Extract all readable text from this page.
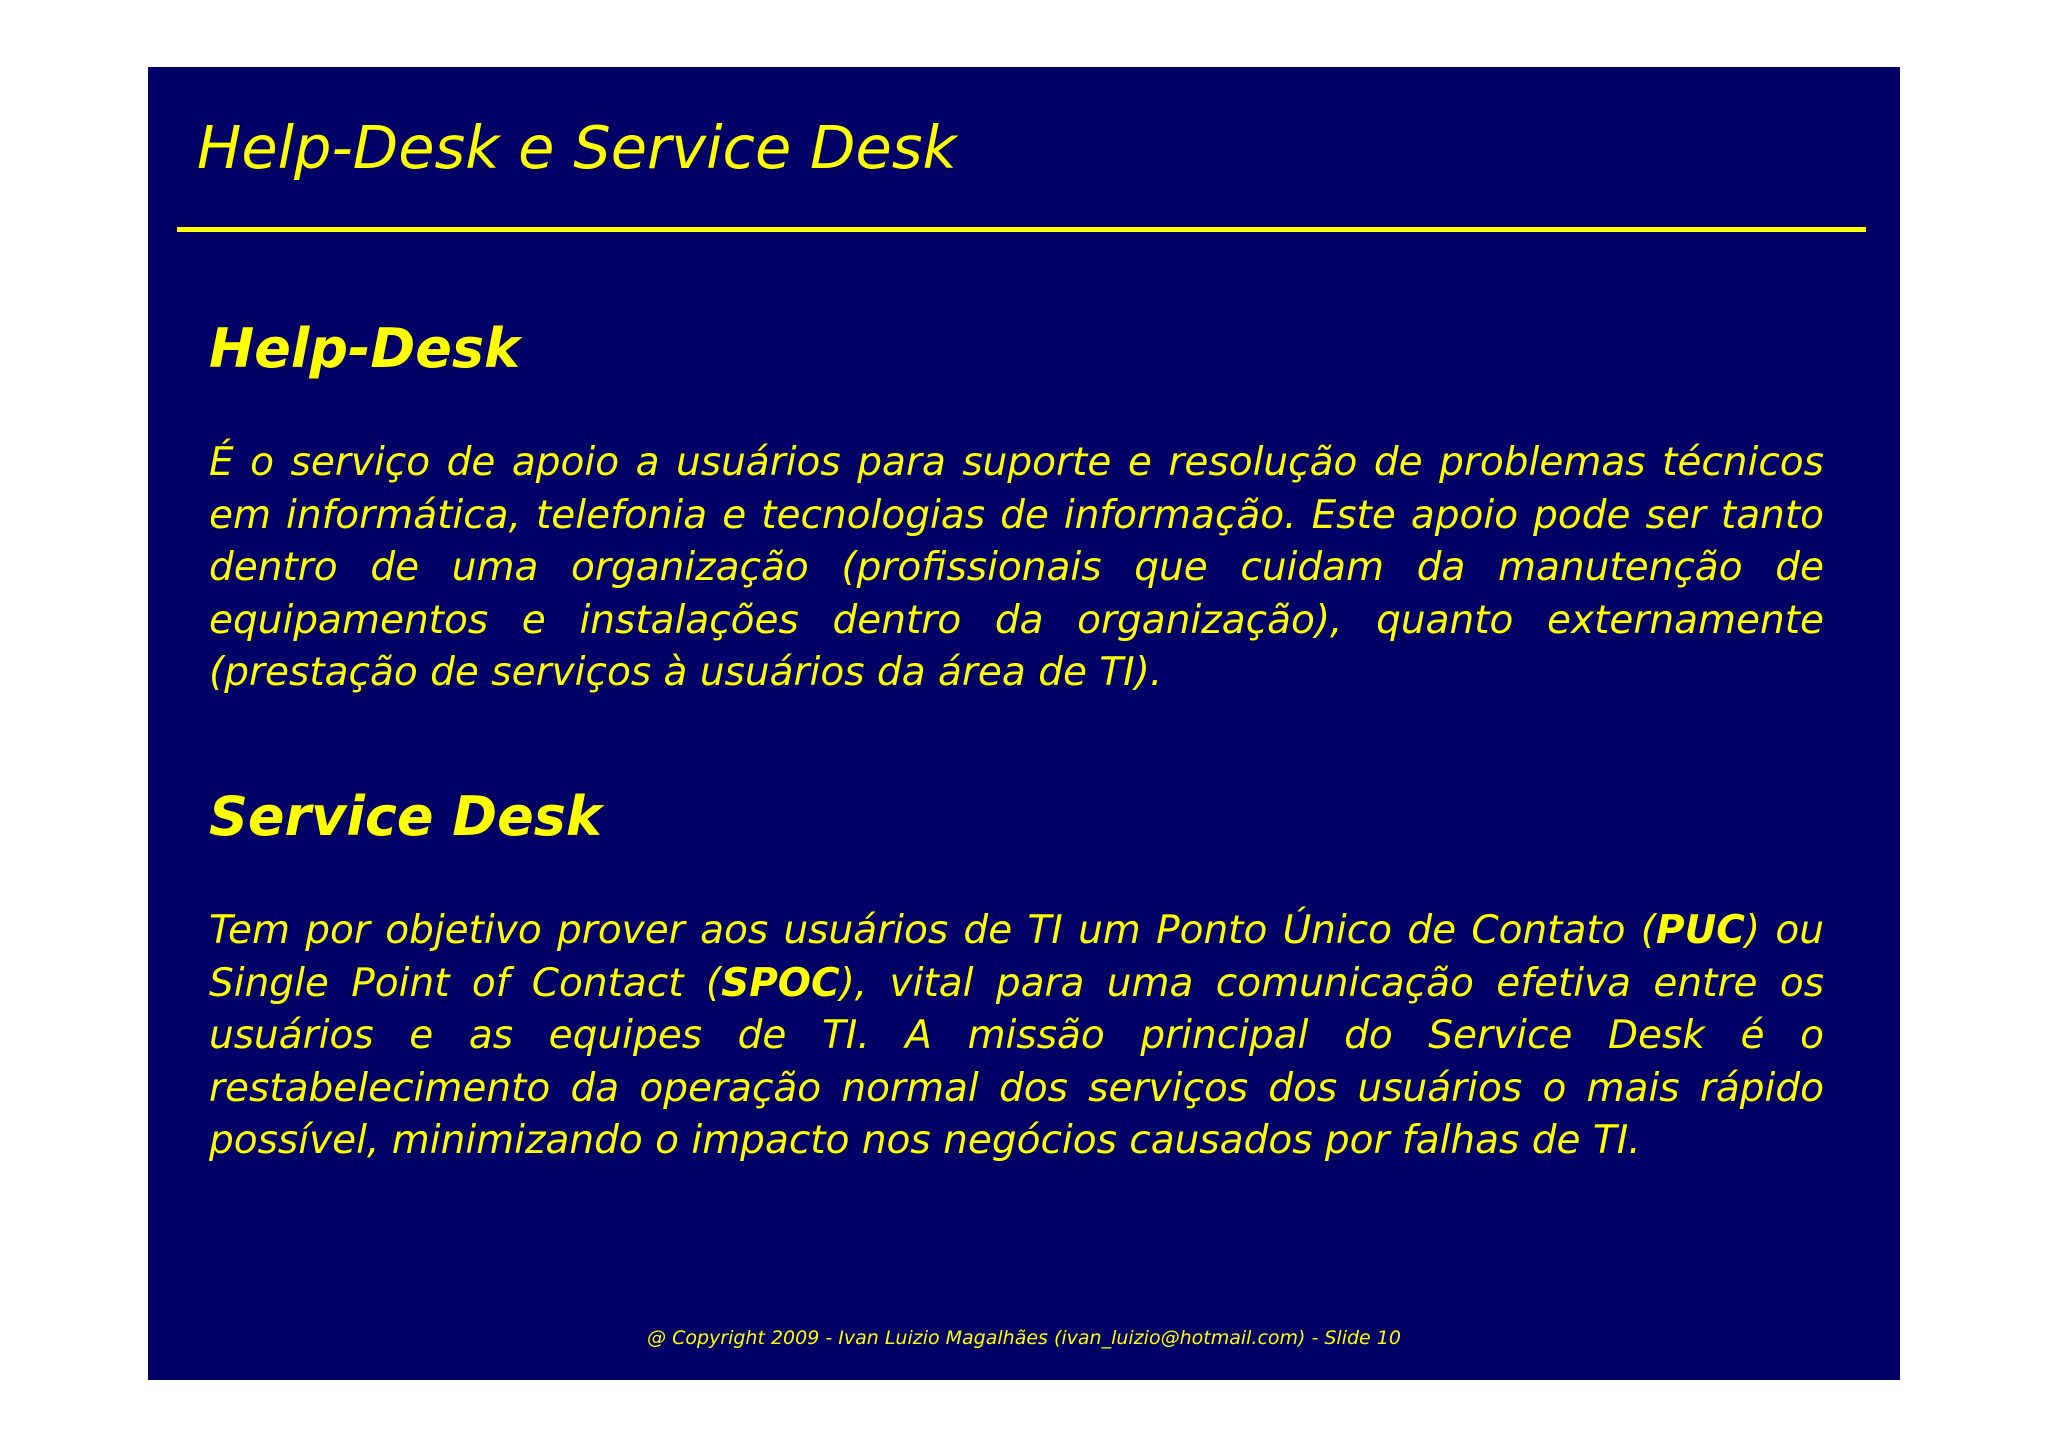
Help-Desk e Service Desk
Help-Desk

É o serviço de apoio a usuários para suporte e resolução de problemas técnicos em informática, telefonia e tecnologias de informação. Este apoio pode ser tanto dentro de uma organização (profissionais que cuidam da manutenção de equipamentos e instalações dentro da organização), quanto externamente (prestação de serviços à usuários da área de TI).

Service Desk

Tem por objetivo prover aos usuários de TI um Ponto Único de Contato (PUC) ou Single Point of Contact (SPOC), vital para uma comunicação efetiva entre os usuários e as equipes de TI. A missão principal do Service Desk é o restabelecimento da operação normal dos serviços dos usuários o mais rápido possível, minimizando o impacto nos negócios causados por falhas de TI.

@ Copyright 2009 - Ivan Luizio Magalhães (ivan_luizio@hotmail.com) - Slide 10
